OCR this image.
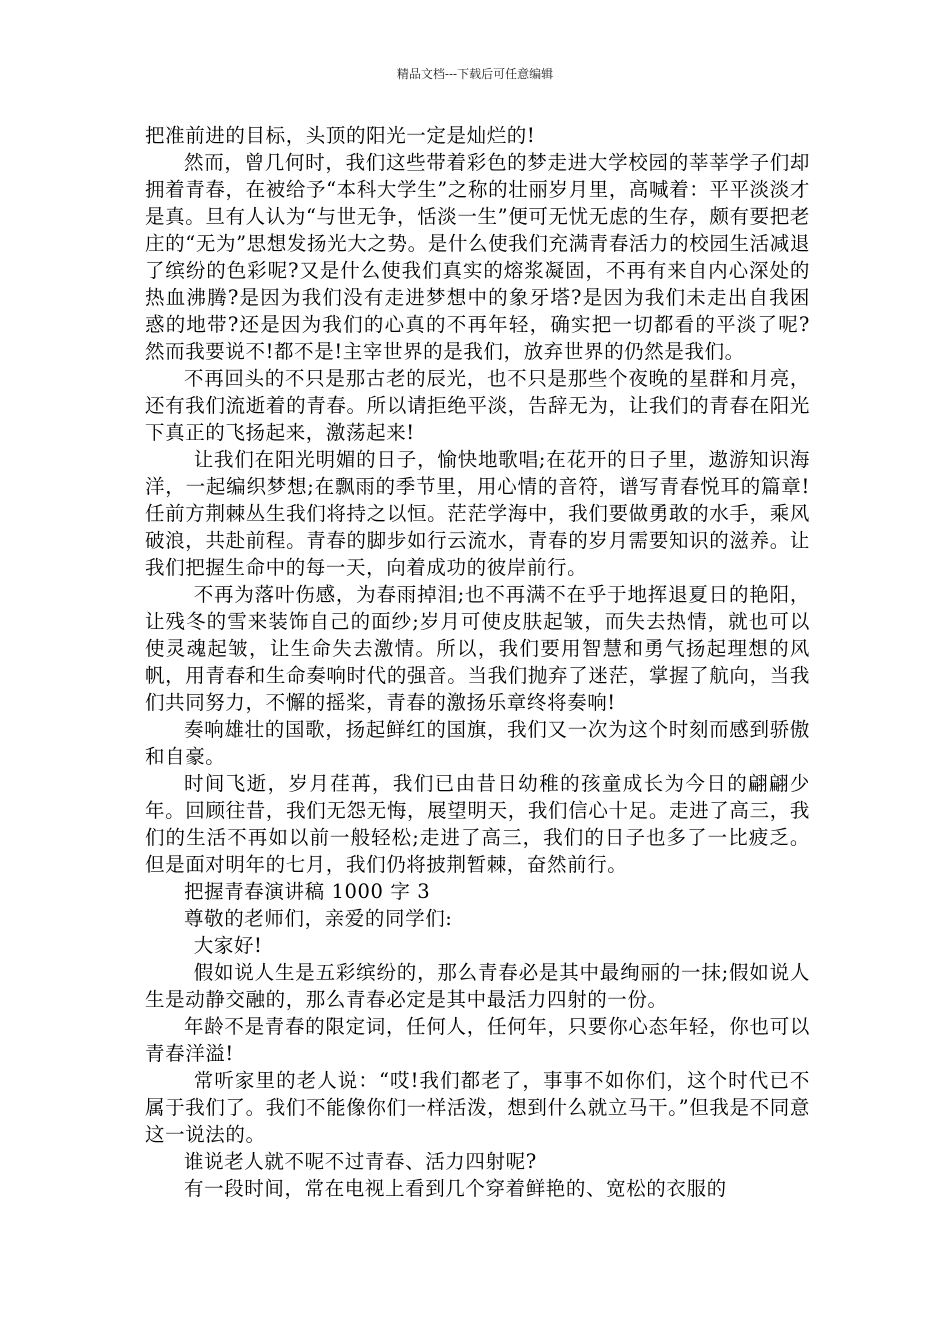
精品文档---下载后可任意编辑

把准前进的目标，头顶的阳光一定是灿烂的!

然而，曾几何时，我们这些带着彩色的梦走进大学校园的莘莘学子们却拥着青春，在被给予“本科大学生”之称的壮丽岁月里，高喊着：平平淡淡才是真。旦有人认为“与世无争，恬淡一生”便可无忧无虑的生存，颇有要把老庄的“无为”思想发扬光大之势。是什么使我们充满青春活力的校园生活减退了缤纷的色彩呢?又是什么使我们真实的熔浆凝固，不再有来自内心深处的热血沸腾?是因为我们没有走进梦想中的象牙塔?是因为我们未走出自我困惑的地带?还是因为我们的心真的不再年轻，确实把一切都看的平淡了呢?然而我要说不!都不是!主宰世界的是我们，放弃世界的仍然是我们。

不再回头的不只是那古老的辰光，也不只是那些个夜晚的星群和月亮，还有我们流逝着的青春。所以请拒绝平淡，告辞无为，让我们的青春在阳光下真正的飞扬起来，激荡起来!

让我们在阳光明媚的日子，愉快地歌唱;在花开的日子里，遨游知识海洋，一起编织梦想;在飘雨的季节里，用心情的音符，谱写青春悦耳的篇章!任前方荆棘丛生我们将持之以恒。茫茫学海中，我们要做勇敢的水手，乘风破浪，共赴前程。青春的脚步如行云流水，青春的岁月需要知识的滋养。让我们把握生命中的每一天，向着成功的彼岸前行。

不再为落叶伤感，为春雨掉泪;也不再满不在乎于地挥退夏日的艳阳，让残冬的雪来装饰自己的面纱;岁月可使皮肤起皱，而失去热情，就也可以使灵魂起皱，让生命失去激情。所以，我们要用智慧和勇气扬起理想的风帆，用青春和生命奏响时代的强音。当我们抛弃了迷茫，掌握了航向，当我们共同努力，不懈的摇桨，青春的激扬乐章终将奏响!

奏响雄壮的国歌，扬起鲜红的国旗，我们又一次为这个时刻而感到骄傲和自豪。

时间飞逝，岁月荏苒，我们已由昔日幼稚的孩童成长为今日的翩翩少年。回顾往昔，我们无怨无悔，展望明天，我们信心十足。走进了高三，我们的生活不再如以前一般轻松;走进了高三，我们的日子也多了一比疲乏。但是面对明年的七月，我们仍将披荆暂棘，奋然前行。

把握青春演讲稿 1000 字 3

尊敬的老师们，亲爱的同学们:

大家好!

假如说人生是五彩缤纷的，那么青春必是其中最绚丽的一抹;假如说人生是动静交融的，那么青春必定是其中最活力四射的一份。

年龄不是青春的限定词，任何人，任何年，只要你心态年轻，你也可以青春洋溢!

常听家里的老人说：“哎!我们都老了，事事不如你们，这个时代已不属于我们了。我们不能像你们一样活泼，想到什么就立马干。”但我是不同意这一说法的。

谁说老人就不呢不过青春、活力四射呢?

有一段时间，常在电视上看到几个穿着鲜艳的、宽松的衣服的
